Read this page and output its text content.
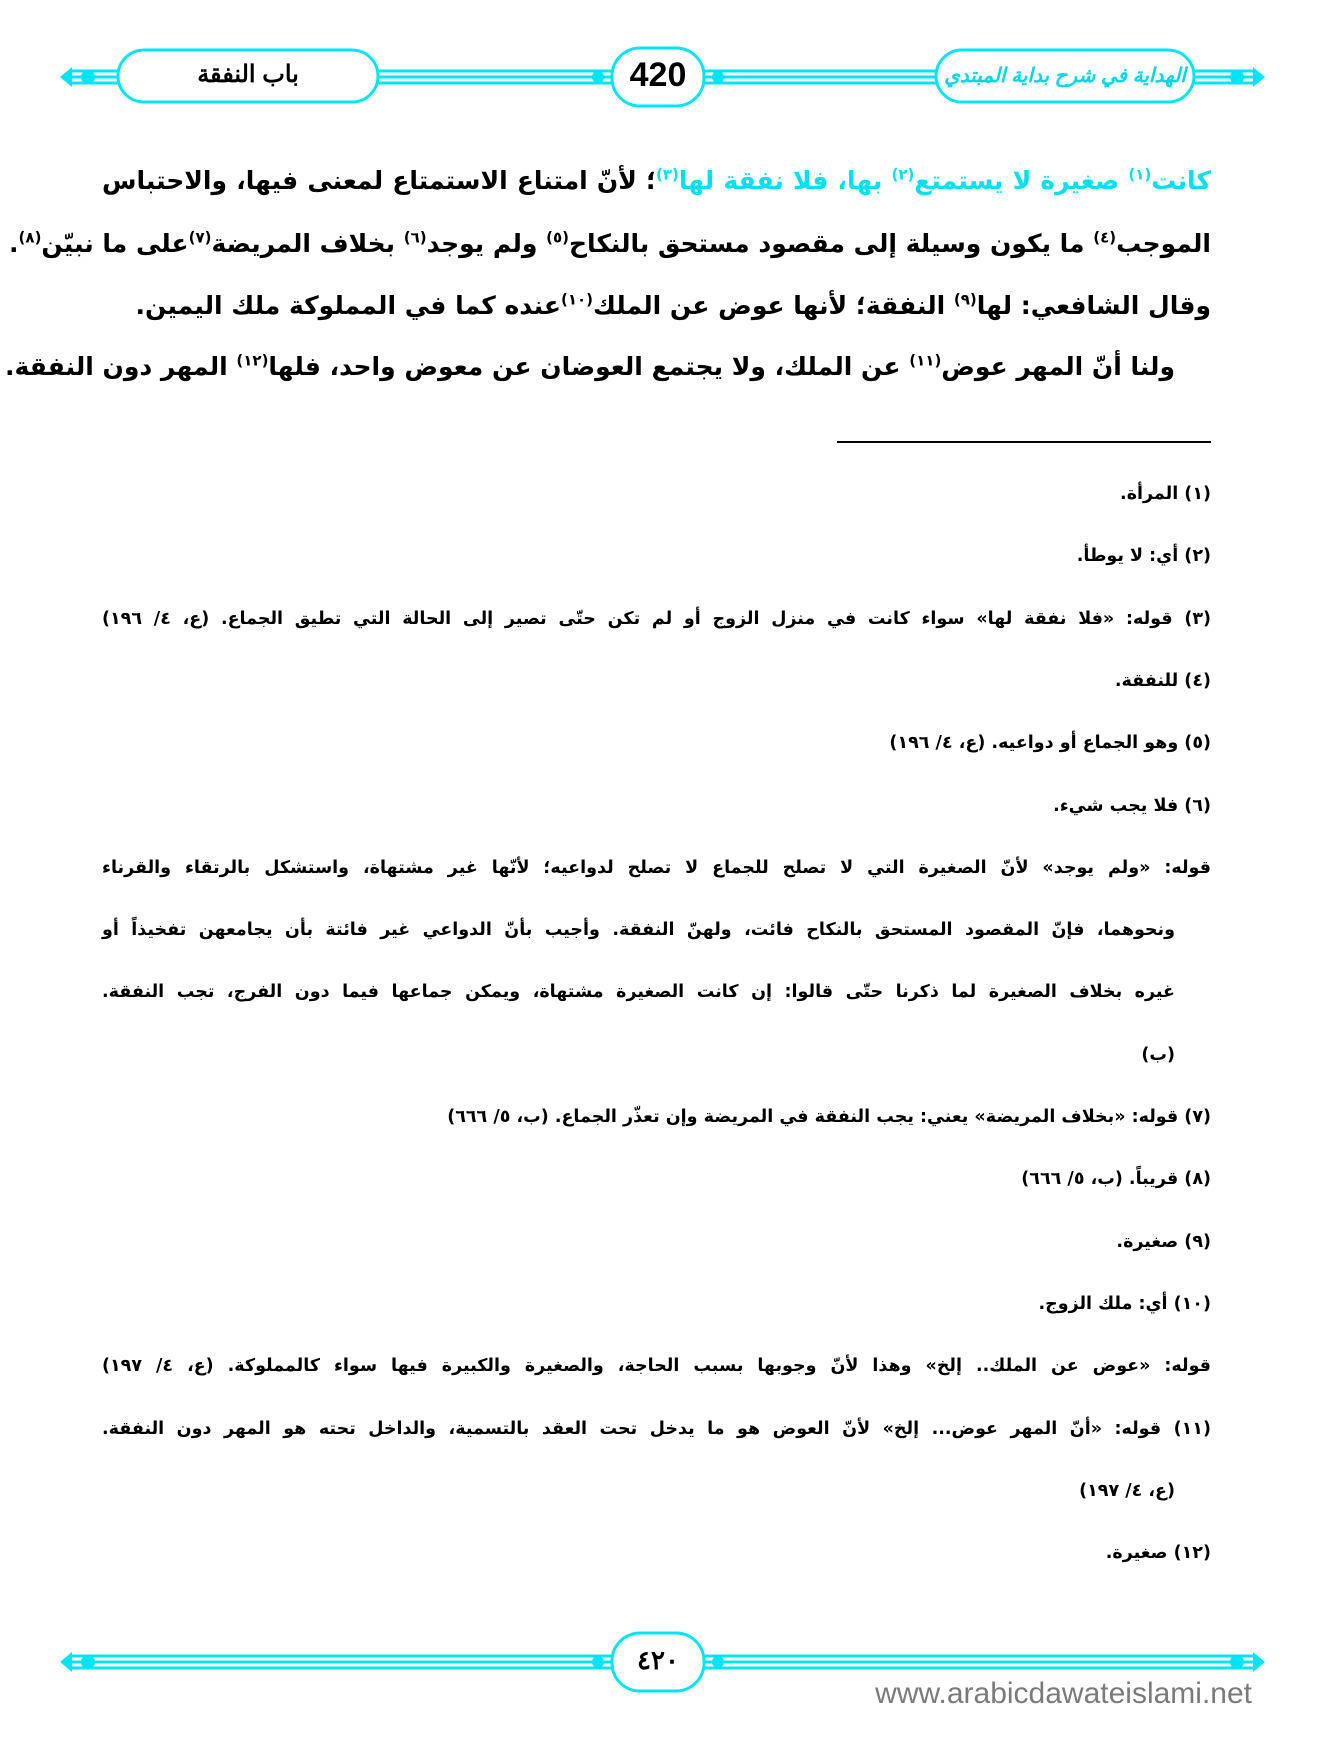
باب النفقة	420	الهداية في شرح بداية المبتدي
كانت$^{(١)}$ صغيرة لا يستمتع$^{(٢)}$ بها، فلا نفقة لها$^{(٣)}$؛ لأنّ امتناع الاستمتاع لمعنى فيها، والاحتباس
الموجب$^{(٤)}$ ما يكون وسيلة إلى مقصود مستحق بالنكاح$^{(٥)}$ ولم يوجد$^{(٦)}$ بخلاف المريضة$^{(٧)}$على ما نبيّن$^{(٨)}$.
وقال الشافعي: لها$^{(٩)}$ النفقة؛ لأنها عوض عن الملك$^{(١٠)}$عنده كما في المملوكة ملك اليمين.
ولنا أنّ المهر عوض$^{(١١)}$ عن الملك، ولا يجتمع العوضان عن معوض واحد، فلها$^{(١٢)}$ المهر دون النفقة.
(١) المرأة.
(٢) أي: لا يوطأ.
(٣) قوله: «فلا نفقة لها» سواء كانت في منزل الزوج أو لم تكن حتّى تصير إلى الحالة التي تطيق الجماع. (ع، ٤/ ١٩٦)
(٤) للنفقة.
(٥) وهو الجماع أو دواعيه. (ع، ٤/ ١٩٦)
(٦) فلا يجب شيء.
قوله: «ولم يوجد» لأنّ الصغيرة التي لا تصلح للجماع لا تصلح لدواعيه؛ لأنّها غير مشتهاة، واستشكل بالرتقاء والقرناء
ونحوهما، فإنّ المقصود المستحق بالنكاح فائت، ولهنّ النفقة. وأجيب بأنّ الدواعي غير فائتة بأن يجامعهن تفخيذاً أو
غيره بخلاف الصغيرة لما ذكرنا حتّى قالوا: إن كانت الصغيرة مشتهاة، ويمكن جماعها فيما دون الفرج، تجب النفقة.
(ب)
(٧) قوله: «بخلاف المريضة» يعني: يجب النفقة في المريضة وإن تعذّر الجماع. (ب، ٥/ ٦٦٦)
(٨) قريباً. (ب، ٥/ ٦٦٦)
(٩) صغيرة.
(١٠) أي: ملك الزوج.
قوله: «عوض عن الملك.. إلخ» وهذا لأنّ وجوبها بسبب الحاجة، والصغيرة والكبيرة فيها سواء كالمملوكة. (ع، ٤/ ١٩٧)
(١١) قوله: «أنّ المهر عوض... إلخ» لأنّ العوض هو ما يدخل تحت العقد بالتسمية، والداخل تحته هو المهر دون النفقة.
(ع، ٤/ ١٩٧)
(١٢) صغيرة.
٤٢٠
www.arabicdawateislami.net
